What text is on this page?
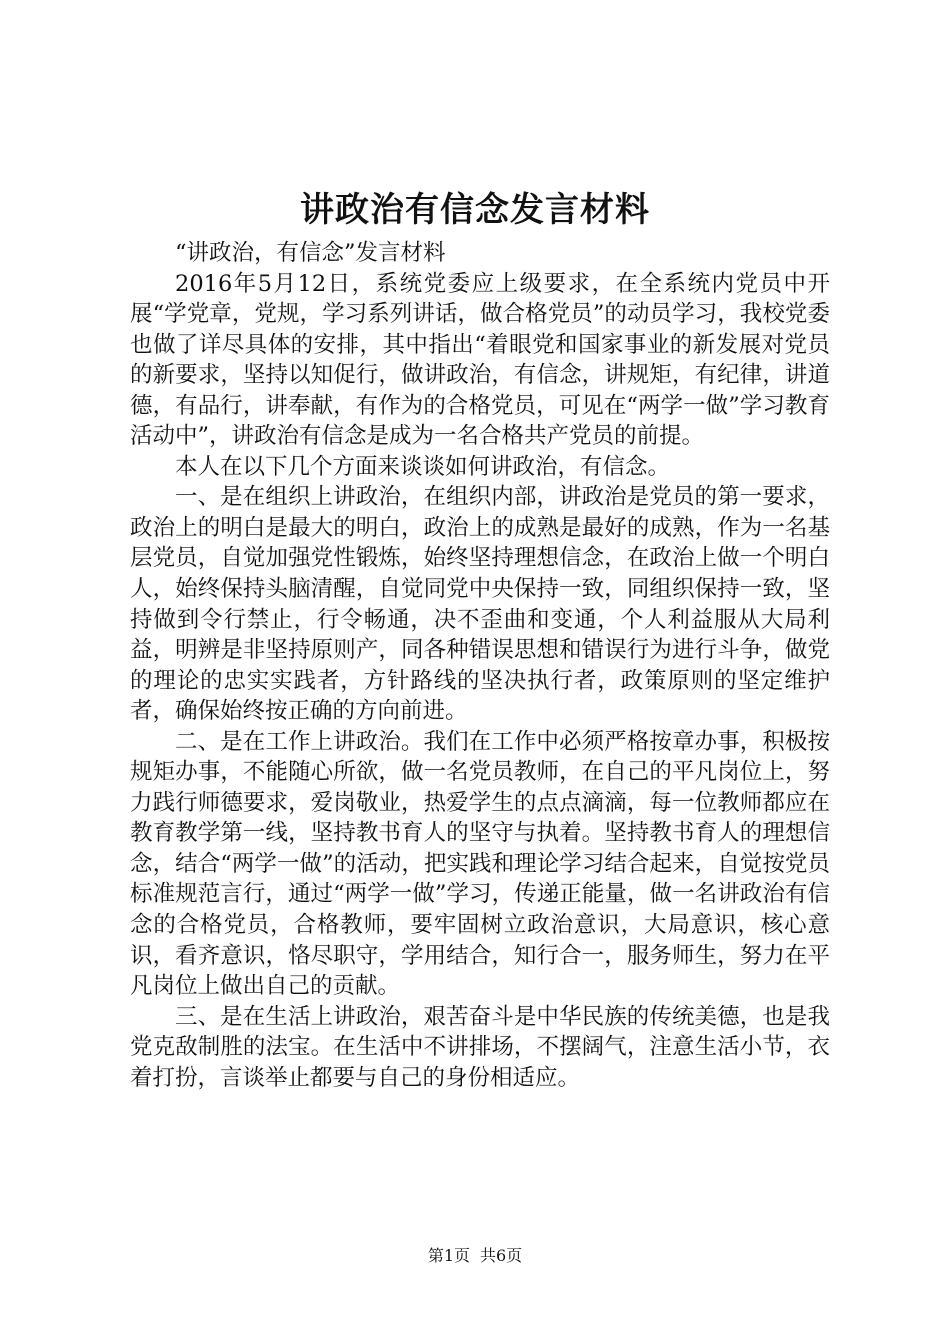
讲政治有信念发言材料

“讲政治，有信念”发言材料

2016年5月12日，系统党委应上级要求，在全系统内党员中开展“学党章，党规，学习系列讲话，做合格党员”的动员学习，我校党委也做了详尽具体的安排，其中指出“着眼党和国家事业的新发展对党员的新要求，坚持以知促行，做讲政治，有信念，讲规矩，有纪律，讲道德，有品行，讲奉献，有作为的合格党员，可见在“两学一做”学习教育活动中”，讲政治有信念是成为一名合格共产党员的前提。

本人在以下几个方面来谈谈如何讲政治，有信念。

一、是在组织上讲政治，在组织内部，讲政治是党员的第一要求，政治上的明白是最大的明白，政治上的成熟是最好的成熟，作为一名基层党员，自觉加强党性锻炼，始终坚持理想信念，在政治上做一个明白人，始终保持头脑清醒，自觉同党中央保持一致，同组织保持一致，坚持做到令行禁止，行令畅通，决不歪曲和变通，个人利益服从大局利益，明辨是非坚持原则产，同各种错误思想和错误行为进行斗争，做党的理论的忠实实践者，方针路线的坚决执行者，政策原则的坚定维护者，确保始终按正确的方向前进。

二、是在工作上讲政治。我们在工作中必须严格按章办事，积极按规矩办事，不能随心所欲，做一名党员教师，在自己的平凡岗位上，努力践行师德要求，爱岗敬业，热爱学生的点点滴滴，每一位教师都应在教育教学第一线，坚持教书育人的坚守与执着。坚持教书育人的理想信念，结合“两学一做”的活动，把实践和理论学习结合起来，自觉按党员标准规范言行，通过“两学一做”学习，传递正能量，做一名讲政治有信念的合格党员，合格教师，要牢固树立政治意识，大局意识，核心意识，看齐意识，恪尽职守，学用结合，知行合一，服务师生，努力在平凡岗位上做出自己的贡献。

三、是在生活上讲政治，艰苦奋斗是中华民族的传统美德，也是我党克敌制胜的法宝。在生活中不讲排场，不摆阔气，注意生活小节，衣着打扮，言谈举止都要与自己的身份相适应。

第1页 共6页
